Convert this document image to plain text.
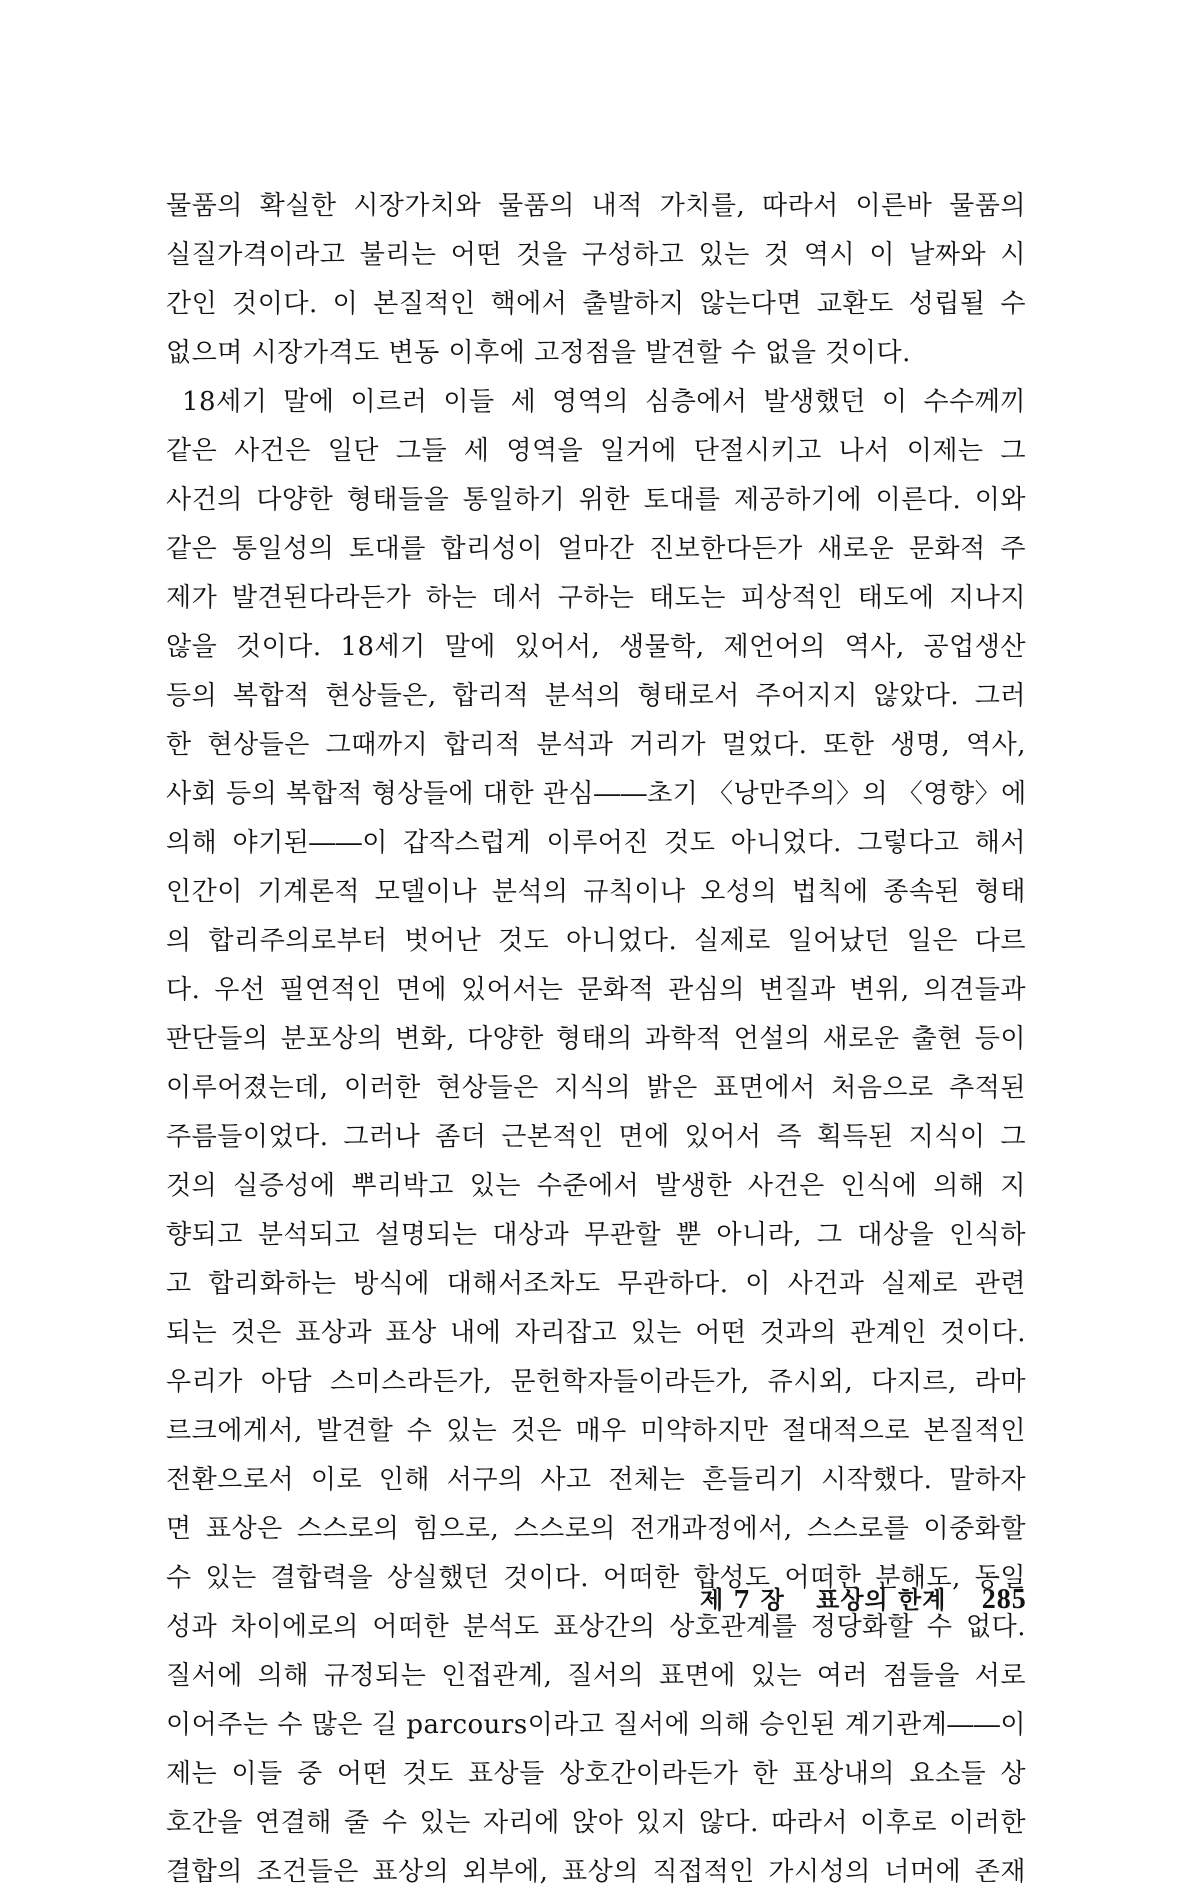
물품의 확실한 시장가치와 물품의 내적 가치를, 따라서 이른바 물품의
실질가격이라고 불리는 어떤 것을 구성하고 있는 것 역시 이 날짜와 시
간인 것이다. 이 본질적인 핵에서 출발하지 않는다면 교환도 성립될 수
없으며 시장가격도 변동 이후에 고정점을 발견할 수 없을 것이다.
18세기 말에 이르러 이들 세 영역의 심층에서 발생했던 이 수수께끼
같은 사건은 일단 그들 세 영역을 일거에 단절시키고 나서 이제는 그
사건의 다양한 형태들을 통일하기 위한 토대를 제공하기에 이른다. 이와
같은 통일성의 토대를 합리성이 얼마간 진보한다든가 새로운 문화적 주
제가 발견된다라든가 하는 데서 구하는 태도는 피상적인 태도에 지나지
않을 것이다. 18세기 말에 있어서, 생물학, 제언어의 역사, 공업생산
등의 복합적 현상들은, 합리적 분석의 형태로서 주어지지 않았다. 그러
한 현상들은 그때까지 합리적 분석과 거리가 멀었다. 또한 생명, 역사,
사회 등의 복합적 형상들에 대한 관심――초기 〈낭만주의〉의 〈영향〉에
의해 야기된――이 갑작스럽게 이루어진 것도 아니었다. 그렇다고 해서
인간이 기계론적 모델이나 분석의 규칙이나 오성의 법칙에 종속된 형태
의 합리주의로부터 벗어난 것도 아니었다. 실제로 일어났던 일은 다르
다. 우선 필연적인 면에 있어서는 문화적 관심의 변질과 변위, 의견들과
판단들의 분포상의 변화, 다양한 형태의 과학적 언설의 새로운 출현 등이
이루어졌는데, 이러한 현상들은 지식의 밝은 표면에서 처음으로 추적된
주름들이었다. 그러나 좀더 근본적인 면에 있어서 즉 획득된 지식이 그
것의 실증성에 뿌리박고 있는 수준에서 발생한 사건은 인식에 의해 지
향되고 분석되고 설명되는 대상과 무관할 뿐 아니라, 그 대상을 인식하
고 합리화하는 방식에 대해서조차도 무관하다. 이 사건과 실제로 관련
되는 것은 표상과 표상 내에 자리잡고 있는 어떤 것과의 관계인 것이다.
우리가 아담 스미스라든가, 문헌학자들이라든가, 쥬시외, 다지르, 라마
르크에게서, 발견할 수 있는 것은 매우 미약하지만 절대적으로 본질적인
전환으로서 이로 인해 서구의 사고 전체는 흔들리기 시작했다. 말하자
면 표상은 스스로의 힘으로, 스스로의 전개과정에서, 스스로를 이중화할
수 있는 결합력을 상실했던 것이다. 어떠한 합성도 어떠한 분해도, 동일
성과 차이에로의 어떠한 분석도 표상간의 상호관계를 정당화할 수 없다.
질서에 의해 규정되는 인접관계, 질서의 표면에 있는 여러 점들을 서로
이어주는 수 많은 길 parcours이라고 질서에 의해 승인된 계기관계――이
제는 이들 중 어떤 것도 표상들 상호간이라든가 한 표상내의 요소들 상
호간을 연결해 줄 수 있는 자리에 앉아 있지 않다. 따라서 이후로 이러한
결합의 조건들은 표상의 외부에, 표상의 직접적인 가시성의 너머에 존재
제 7 장 표상의 한계 285
